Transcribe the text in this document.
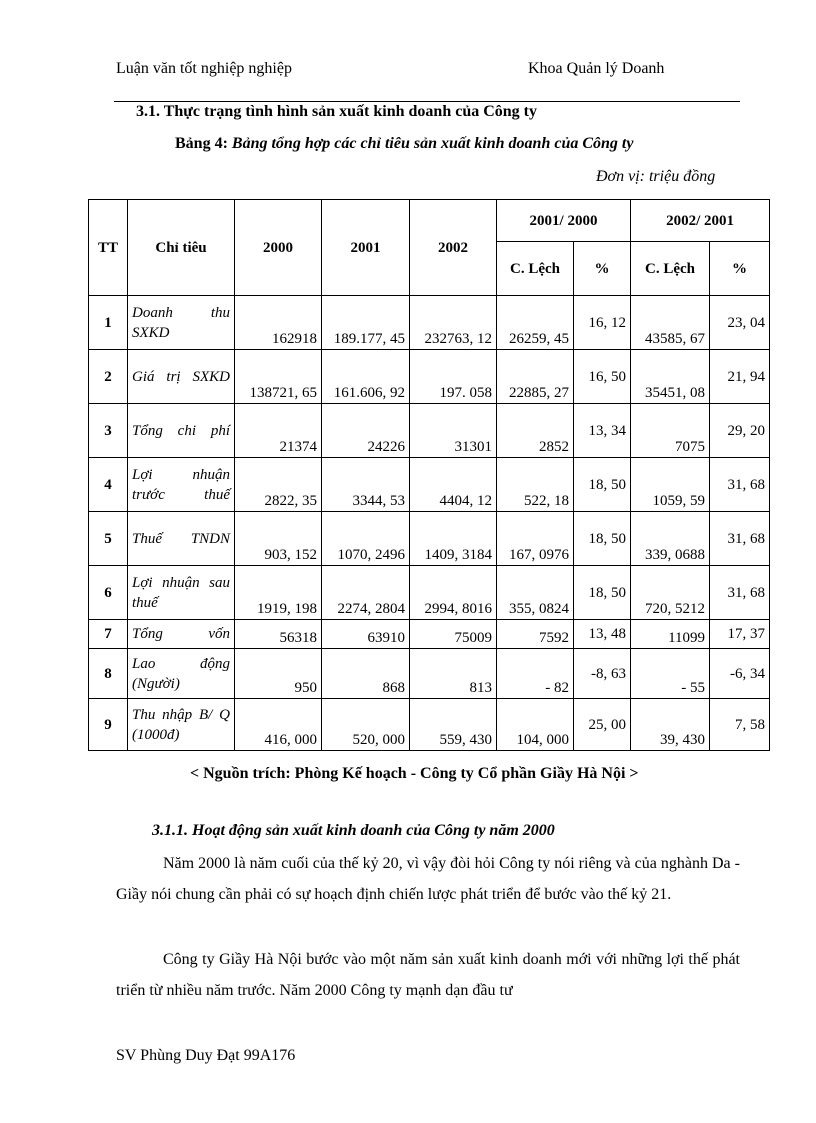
Luận văn tốt nghiệp nghiệp	Khoa Quản lý Doanh
3.1. Thực trạng tình hình sản xuất kinh doanh của Công ty
Bảng 4: Bảng tổng hợp các chỉ tiêu sản xuất kinh doanh của Công ty
Đơn vị: triệu đồng
TT	Chỉ tiêu	2000	2001	2002	2001/ 2000		2002/ 2001	
					C. Lệch	%	C. Lệch	%
1	Doanh thu SXKD	162918	189.177, 45	232763, 12	26259, 45	16, 12	43585, 67	23, 04
2	Giá trị SXKD	138721, 65	161.606, 92	197. 058	22885, 27	16, 50	35451, 08	21, 94
3	Tổng chi phí	21374	24226	31301	2852	13, 34	7075	29, 20
4	Lợi nhuận trước thuế	2822, 35	3344, 53	4404, 12	522, 18	18, 50	1059, 59	31, 68
5	Thuế TNDN	903, 152	1070, 2496	1409, 3184	167, 0976	18, 50	339, 0688	31, 68
6	Lợi nhuận sau thuế	1919, 198	2274, 2804	2994, 8016	355, 0824	18, 50	720, 5212	31, 68
7	Tổng vốn	56318	63910	75009	7592	13, 48	11099	17, 37
8	Lao động (Người)	950	868	813	- 82	-8, 63	- 55	-6, 34
9	Thu nhập B/ Q (1000đ)	416, 000	520, 000	559, 430	104, 000	25, 00	39, 430	7, 58
< Nguồn trích: Phòng Kế hoạch - Công ty Cổ phần Giầy Hà Nội >
3.1.1. Hoạt động sản xuất kinh doanh của Công ty năm 2000
Năm 2000 là năm cuối của thế kỷ 20, vì vậy đòi hỏi Công ty nói riêng và của nghành Da - Giầy nói chung cần phải có sự hoạch định chiến lược phát triển để bước vào thế kỷ 21.
Công ty Giầy Hà Nội bước vào một năm sản xuất kinh doanh mới với những lợi thế phát triển từ nhiều năm trước. Năm 2000 Công ty mạnh dạn đầu tư
SV Phùng Duy Đạt 99A176
